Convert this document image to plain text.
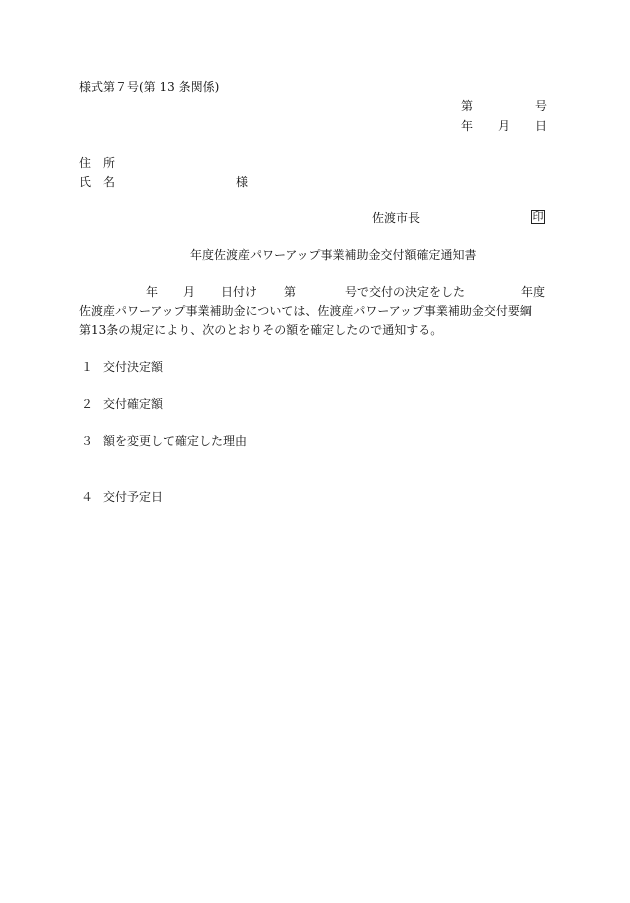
様式第７号(第 13 条関係)
第	号
年 月 日
住　所
氏　名	様
佐渡市長	印
年度佐渡産パワーアップ事業補助金交付額確定通知書
年 月 日付け 第	号で交付の決定をした	年度
佐渡産パワーアップ事業補助金については、佐渡産パワーアップ事業補助金交付要綱
第13条の規定により、次のとおりその額を確定したので通知する。
１ 交付決定額
２ 交付確定額
３ 額を変更して確定した理由
４ 交付予定日
